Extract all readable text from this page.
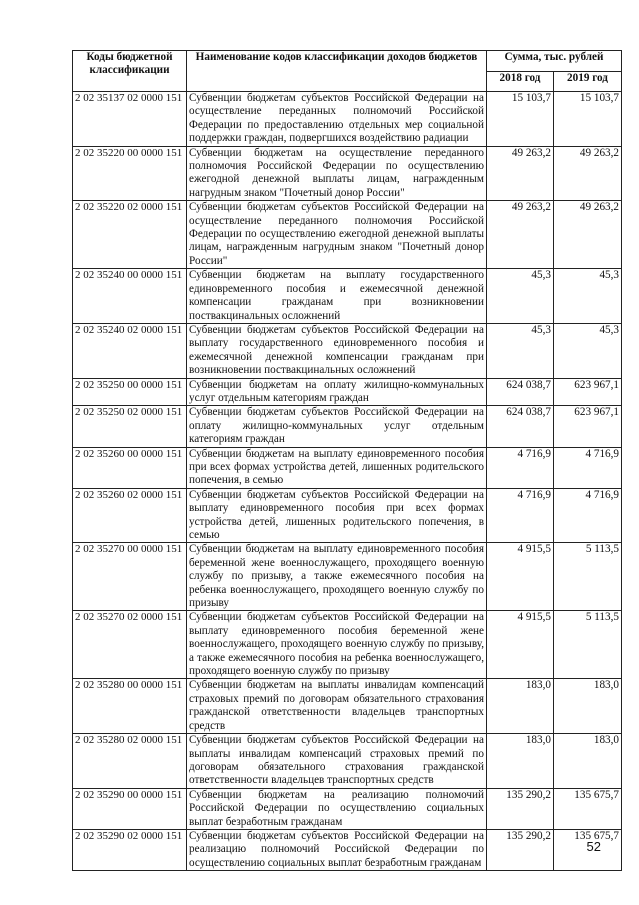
Коды бюджетной классификации	Наименование кодов классификации доходов бюджетов	Сумма, тыс. рублей	
		2018 год	2019 год
2 02 35137 02 0000 151	Субвенции бюджетам субъектов Российской Федерации на осуществление переданных полномочий Российской Федерации по предоставлению отдельных мер социальной поддержки граждан, подвергшихся воздействию радиации	15 103,7	15 103,7
2 02 35220 00 0000 151	Субвенции бюджетам на осуществление переданного полномочия Российской Федерации по осуществлению ежегодной денежной выплаты лицам, награжденным нагрудным знаком "Почетный донор России"	49 263,2	49 263,2
2 02 35220 02 0000 151	Субвенции бюджетам субъектов Российской Федерации на осуществление переданного полномочия Российской Федерации по осуществлению ежегодной денежной выплаты лицам, награжденным нагрудным знаком "Почетный донор России"	49 263,2	49 263,2
2 02 35240 00 0000 151	Субвенции бюджетам на выплату государственного единовременного пособия и ежемесячной денежной компенсации гражданам при возникновении поствакцинальных осложнений	45,3	45,3
2 02 35240 02 0000 151	Субвенции бюджетам субъектов Российской Федерации на выплату государственного единовременного пособия и ежемесячной денежной компенсации гражданам при возникновении поствакцинальных осложнений	45,3	45,3
2 02 35250 00 0000 151	Субвенции бюджетам на оплату жилищно-коммунальных услуг отдельным категориям граждан	624 038,7	623 967,1
2 02 35250 02 0000 151	Субвенции бюджетам субъектов Российской Федерации на оплату жилищно-коммунальных услуг отдельным категориям граждан	624 038,7	623 967,1
2 02 35260 00 0000 151	Субвенции бюджетам на выплату единовременного пособия при всех формах устройства детей, лишенных родительского попечения, в семью	4 716,9	4 716,9
2 02 35260 02 0000 151	Субвенции бюджетам субъектов Российской Федерации на выплату единовременного пособия при всех формах устройства детей, лишенных родительского попечения, в семью	4 716,9	4 716,9
2 02 35270 00 0000 151	Субвенции бюджетам на выплату единовременного пособия беременной жене военнослужащего, проходящего военную службу по призыву, а также ежемесячного пособия на ребенка военнослужащего, проходящего военную службу по призыву	4 915,5	5 113,5
2 02 35270 02 0000 151	Субвенции бюджетам субъектов Российской Федерации на выплату единовременного пособия беременной жене военнослужащего, проходящего военную службу по призыву, а также ежемесячного пособия на ребенка военнослужащего, проходящего военную службу по призыву	4 915,5	5 113,5
2 02 35280 00 0000 151	Субвенции бюджетам на выплаты инвалидам компенсаций страховых премий по договорам обязательного страхования гражданской ответственности владельцев транспортных средств	183,0	183,0
2 02 35280 02 0000 151	Субвенции бюджетам субъектов Российской Федерации на выплаты инвалидам компенсаций страховых премий по договорам обязательного страхования гражданской ответственности владельцев транспортных средств	183,0	183,0
2 02 35290 00 0000 151	Субвенции бюджетам на реализацию полномочий Российской Федерации по осуществлению социальных выплат безработным гражданам	135 290,2	135 675,7
2 02 35290 02 0000 151	Субвенции бюджетам субъектов Российской Федерации на реализацию полномочий Российской Федерации по осуществлению социальных выплат безработным гражданам	135 290,2	135 675,7
52
